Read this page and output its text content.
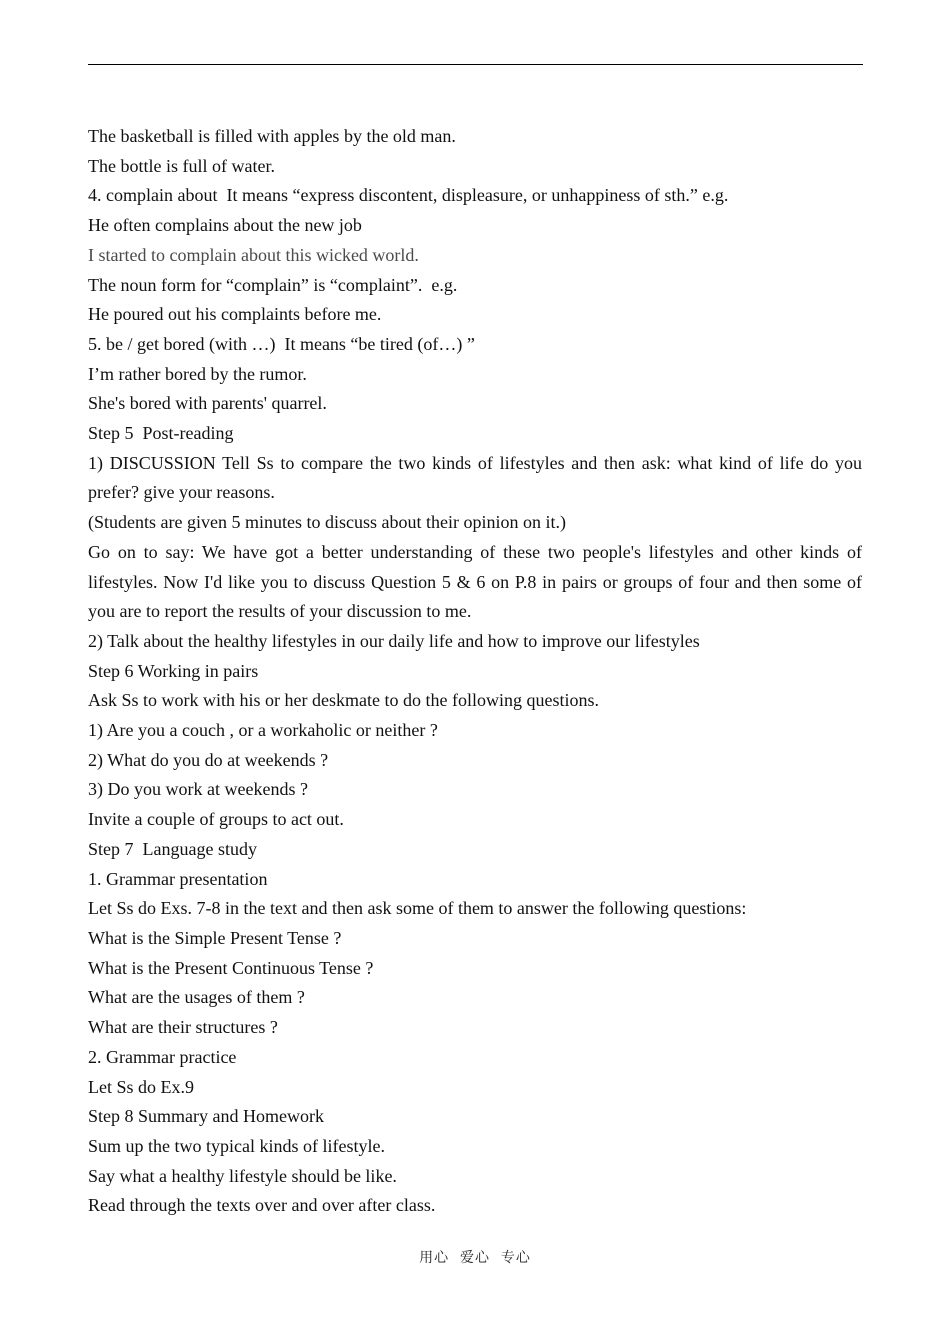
The basketball is filled with apples by the old man.
The bottle is full of water.
4. complain about  It means “express discontent, displeasure, or unhappiness of sth.” e.g.
He often complains about the new job
I started to complain about this wicked world.
The noun form for “complain” is “complaint”.  e.g.
He poured out his complaints before me.
5. be / get bored (with …)  It means “be tired (of…) ”
I’m rather bored by the rumor.
She's bored with parents' quarrel.
Step 5  Post-reading
1) DISCUSSION Tell Ss to compare the two kinds of lifestyles and then ask: what kind of life do you prefer? give your reasons.
(Students are given 5 minutes to discuss about their opinion on it.)
Go on to say: We have got a better understanding of these two people's lifestyles and other kinds of lifestyles. Now I'd like you to discuss Question 5 & 6 on P.8 in pairs or groups of four and then some of you are to report the results of your discussion to me.
2) Talk about the healthy lifestyles in our daily life and how to improve our lifestyles
Step 6 Working in pairs
Ask Ss to work with his or her deskmate to do the following questions.
1) Are you a couch , or a workaholic or neither ?
2) What do you do at weekends ?
3) Do you work at weekends ?
Invite a couple of groups to act out.
Step 7  Language study
1. Grammar presentation
Let Ss do Exs. 7-8 in the text and then ask some of them to answer the following questions:
What is the Simple Present Tense ?
What is the Present Continuous Tense ?
What are the usages of them ?
What are their structures ?
2. Grammar practice
Let Ss do Ex.9
Step 8 Summary and Homework
Sum up the two typical kinds of lifestyle.
Say what a healthy lifestyle should be like.
Read through the texts over and over after class.
用心  爱心  专心
